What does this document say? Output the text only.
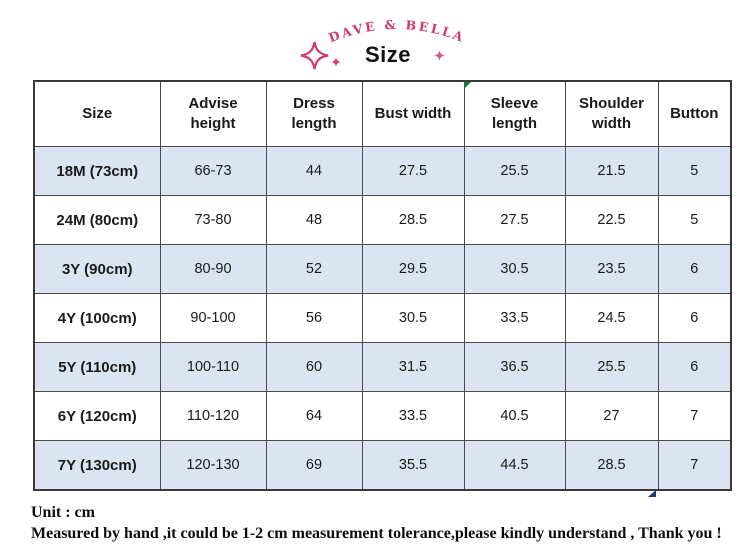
DAVE & BELLA
Size
Size	Advise height	Dress length	Bust width	Sleeve length	Shoulder width	Button
18M (73cm)	66-73	44	27.5	25.5	21.5	5
24M (80cm)	73-80	48	28.5	27.5	22.5	5
3Y (90cm)	80-90	52	29.5	30.5	23.5	6
4Y (100cm)	90-100	56	30.5	33.5	24.5	6
5Y (110cm)	100-110	60	31.5	36.5	25.5	6
6Y (120cm)	110-120	64	33.5	40.5	27	7
7Y (130cm)	120-130	69	35.5	44.5	28.5	7
Unit : cm
Measured by hand ,it could be 1-2 cm measurement tolerance,please kindly understand , Thank you !
